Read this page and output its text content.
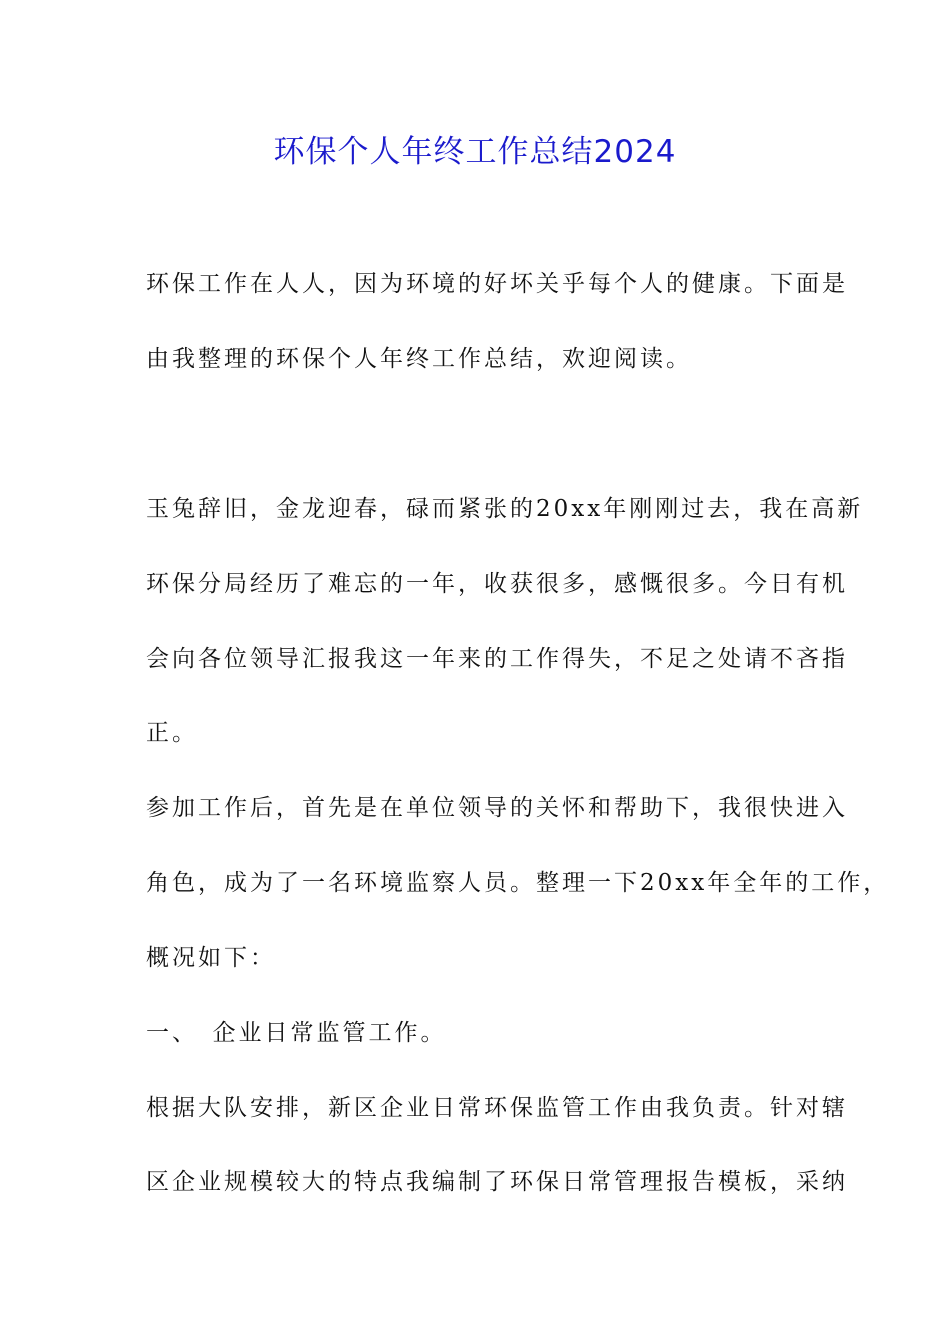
环保个人年终工作总结2024
环保工作在人人，因为环境的好坏关乎每个人的健康。下面是
由我整理的环保个人年终工作总结，欢迎阅读。
玉兔辞旧，金龙迎春，碌而紧张的20xx年刚刚过去，我在高新
环保分局经历了难忘的一年，收获很多，感慨很多。今日有机
会向各位领导汇报我这一年来的工作得失，不足之处请不吝指
正。
参加工作后，首先是在单位领导的关怀和帮助下，我很快进入
角色，成为了一名环境监察人员。整理一下20xx年全年的工作，
概况如下：
一、　企业日常监管工作。
根据大队安排，新区企业日常环保监管工作由我负责。针对辖
区企业规模较大的特点我编制了环保日常管理报告模板，采纳
